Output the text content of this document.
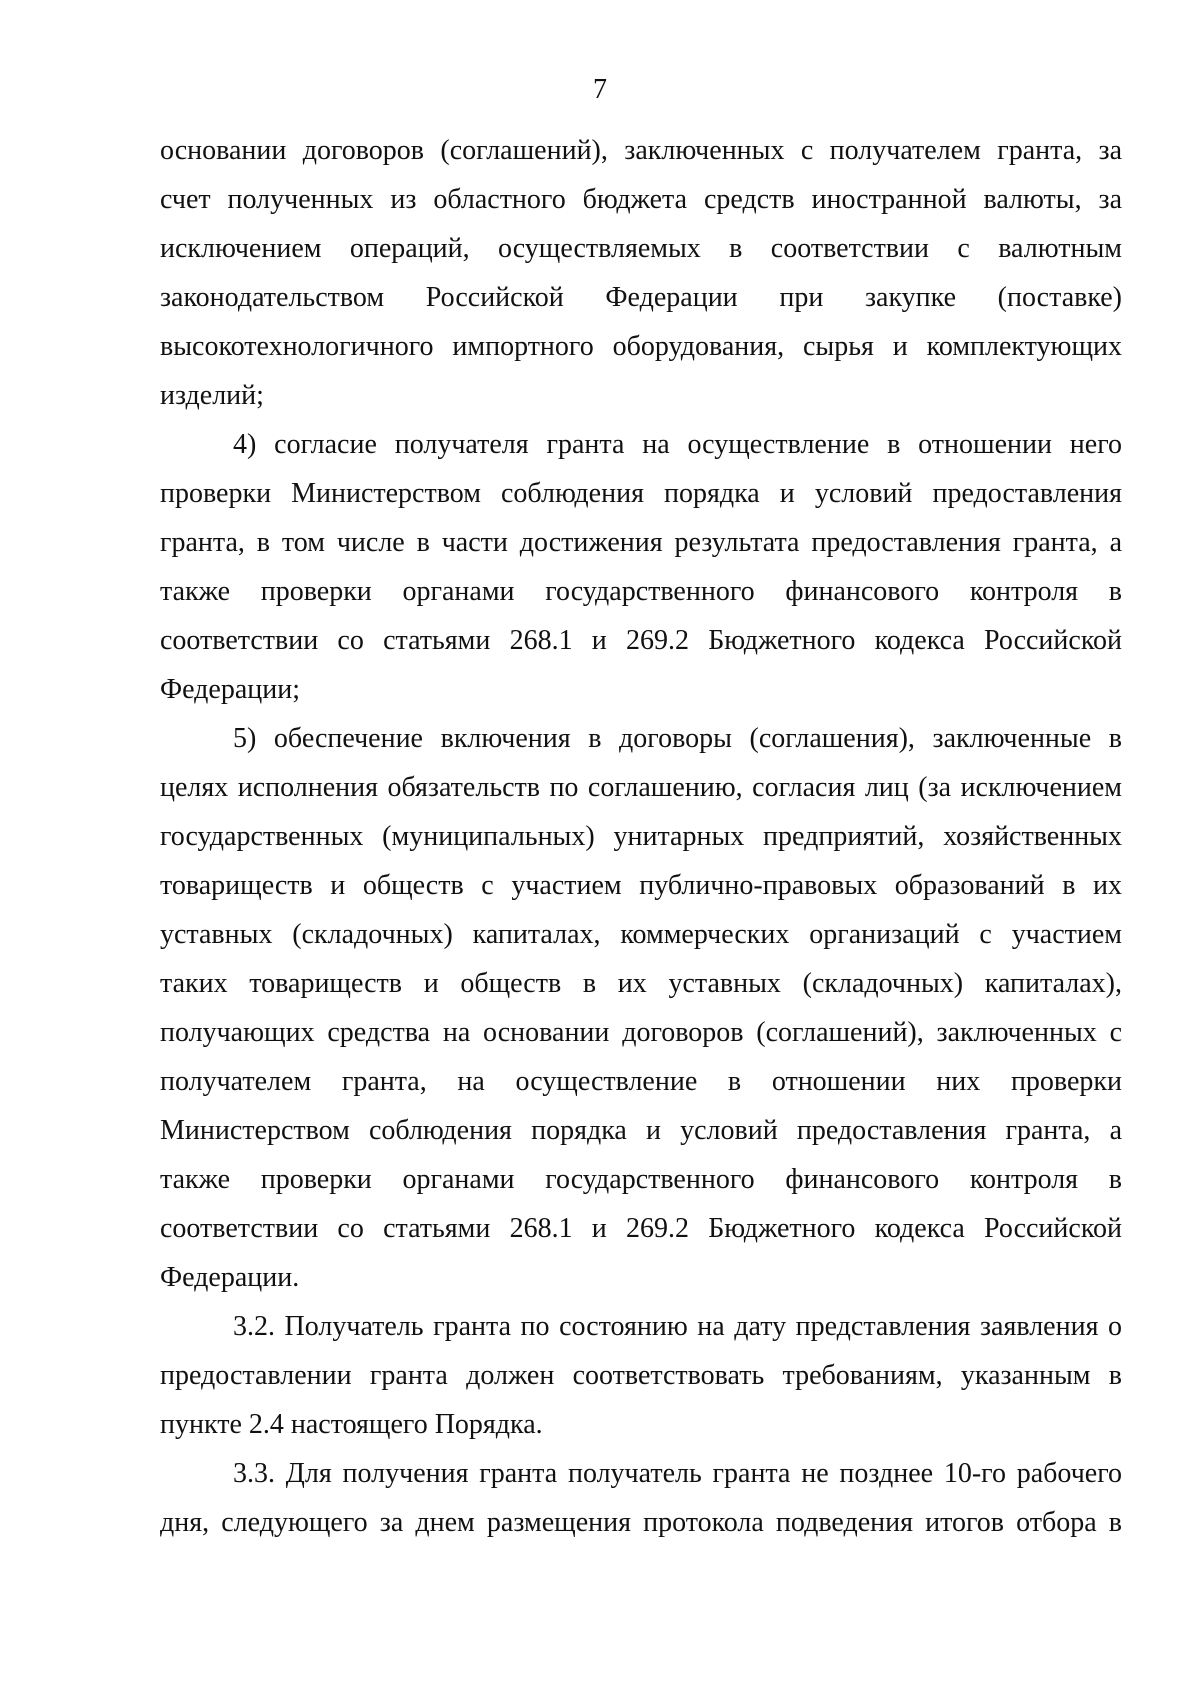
7
основании договоров (соглашений), заключенных с получателем гранта, за
счет полученных из областного бюджета средств иностранной валюты, за
исключением операций, осуществляемых в соответствии с валютным
законодательством Российской Федерации при закупке (поставке)
высокотехнологичного импортного оборудования, сырья и комплектующих
изделий;
4) согласие получателя гранта на осуществление в отношении него
проверки Министерством соблюдения порядка и условий предоставления
гранта, в том числе в части достижения результата предоставления гранта, а
также проверки органами государственного финансового контроля в
соответствии со статьями 268.1 и 269.2 Бюджетного кодекса Российской
Федерации;
5) обеспечение включения в договоры (соглашения), заключенные в
целях исполнения обязательств по соглашению, согласия лиц (за исключением
государственных (муниципальных) унитарных предприятий, хозяйственных
товариществ и обществ с участием публично-правовых образований в их
уставных (складочных) капиталах, коммерческих организаций с участием
таких товариществ и обществ в их уставных (складочных) капиталах),
получающих средства на основании договоров (соглашений), заключенных с
получателем гранта, на осуществление в отношении них проверки
Министерством соблюдения порядка и условий предоставления гранта, а
также проверки органами государственного финансового контроля в
соответствии со статьями 268.1 и 269.2 Бюджетного кодекса Российской
Федерации.
3.2. Получатель гранта по состоянию на дату представления заявления о
предоставлении гранта должен соответствовать требованиям, указанным в
пункте 2.4 настоящего Порядка.
3.3. Для получения гранта получатель гранта не позднее 10-го рабочего
дня, следующего за днем размещения протокола подведения итогов отбора в
